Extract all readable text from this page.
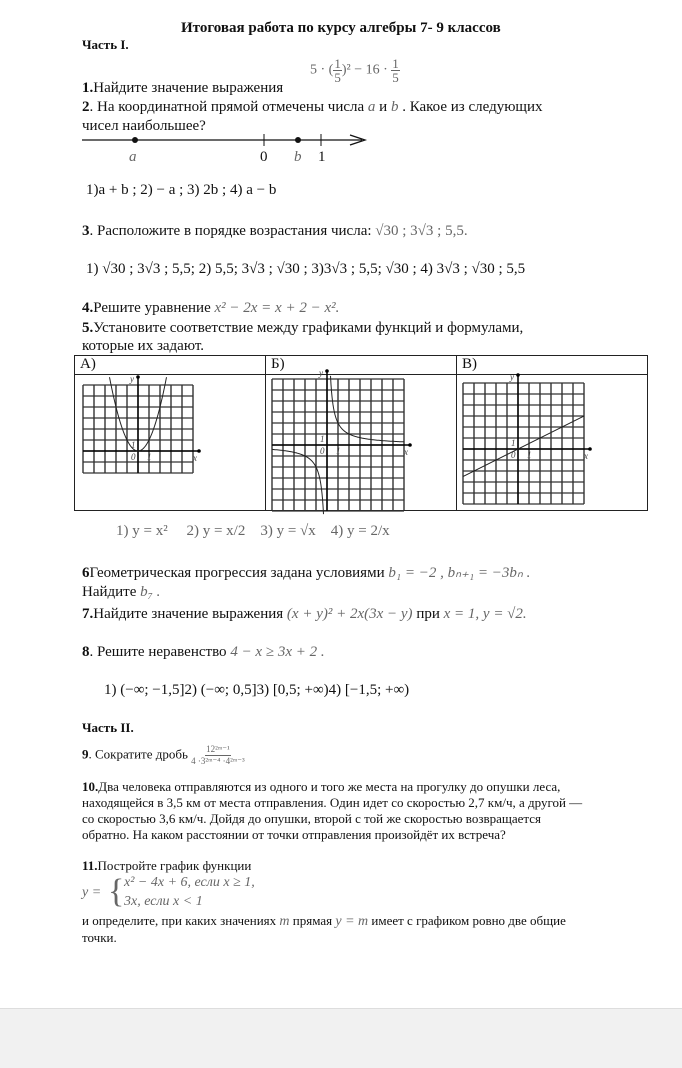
Итоговая работа по курсу алгебры 7- 9 классов
Часть I.
1.Найдите значение выражения
5 · ( $\frac{1}{5} )^2 - 16 \cdot \frac{1}{5}$
2. На координатной прямой отмечены числа a и b . Какое из следующих
чисел наибольшее?
a	0 b 1
1)a + b ; 2) − a ; 3) 2b ; 4) a − b
3. Расположите в порядке возрастания числа: √30 ; 3√3 ; 5,5.
1) √30 ; 3√3 ; 5,5; 2) 5,5; 3√3 ; √30 ; 3)3√3 ; 5,5; √30 ; 4) 3√3 ; √30 ; 5,5
4.Решите уравнение x² − 2x = x + 2 − x².
5.Установите соответствие между графиками функций и формулами,
которые их задают.
А)	Б)	В)

y
x
0 1
1	y
x
0 1
1	y
x
0 1
1
1) y = x² 2) y = x/2 3) y = √x 4) y = 2/x
6Геометрическая прогрессия задана условиями b₁ = −2 , bₙ₊₁ = −3bₙ .
Найдите b₇ .
7.Найдите значение выражения (x + y)² + 2x(3x − y) при x = 1, y = √2.
8. Решите неравенство 4 − x ≥ 3x + 2 .
1) (−∞; −1,5]2) (−∞; 0,5]3) [0,5; +∞)4) [−1,5; +∞)
Часть II.
9. Сократите дробь $\frac{\text{12²ᵐ⁻¹}}{\text{4 ·3²ᵐ⁻⁴ ·4²ᵐ⁻³}}$
10.Два человека отправляются из одного и того же места на прогулку до опушки леса,
находящейся в 3,5 км от места отправления. Один идет со скоростью 2,7 км/ч, а другой —
со скоростью 3,6 км/ч. Дойдя до опушки, второй с той же скоростью возвращается
обратно. На каком расстоянии от точки отправления произойдёт их встреча?
11.Постройте график функции
y = { x² − 4x + 6, если x ≥ 1,
3x, если x < 1
и определите, при каких значениях m прямая y = m имеет с графиком ровно две общие
точки.
